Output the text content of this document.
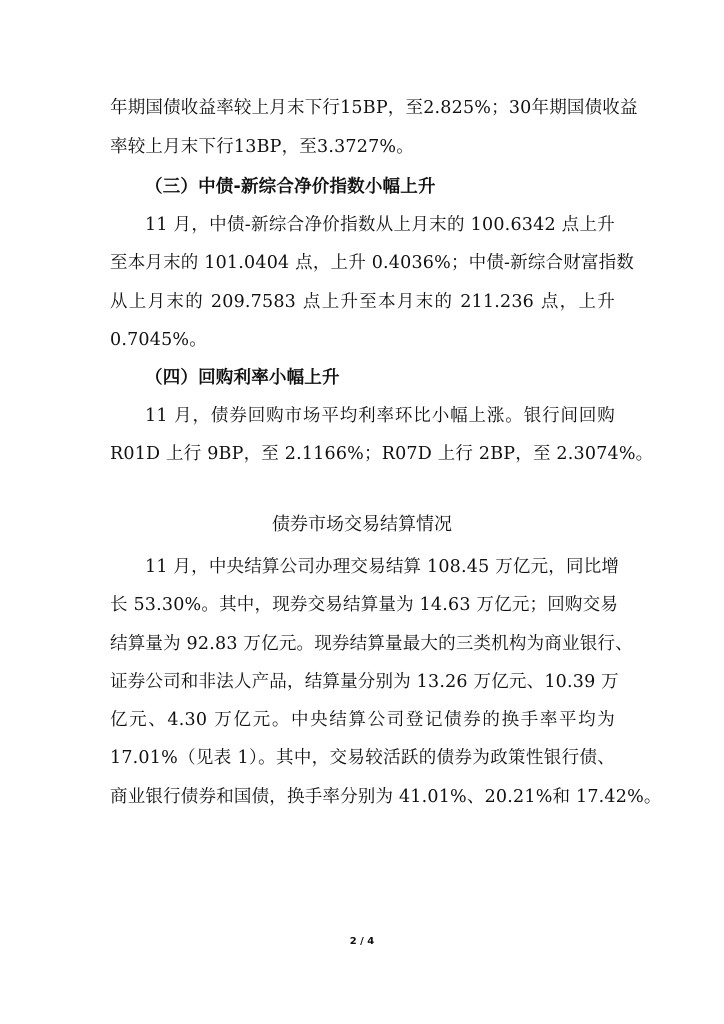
年期国债收益率较上月末下行15BP，至2.825%；30年期国债收益
率较上月末下行13BP，至3.3727%。
（三）中债-新综合净价指数小幅上升
11 月，中债-新综合净价指数从上月末的 100.6342 点上升
至本月末的 101.0404 点，上升 0.4036%；中债-新综合财富指数
从上月末的 209.7583 点上升至本月末的 211.236 点，上升
0.7045%。
（四）回购利率小幅上升
11 月，债券回购市场平均利率环比小幅上涨。银行间回购
R01D 上行 9BP，至 2.1166%；R07D 上行 2BP，至 2.3074%。
债券市场交易结算情况
11 月，中央结算公司办理交易结算 108.45 万亿元，同比增
长 53.30%。其中，现券交易结算量为 14.63 万亿元；回购交易
结算量为 92.83 万亿元。现券结算量最大的三类机构为商业银行、
证券公司和非法人产品，结算量分别为 13.26 万亿元、10.39 万
亿元、4.30 万亿元。中央结算公司登记债券的换手率平均为
17.01%（见表 1）。其中，交易较活跃的债券为政策性银行债、
商业银行债券和国债，换手率分别为 41.01%、20.21%和 17.42%。
2 / 4
